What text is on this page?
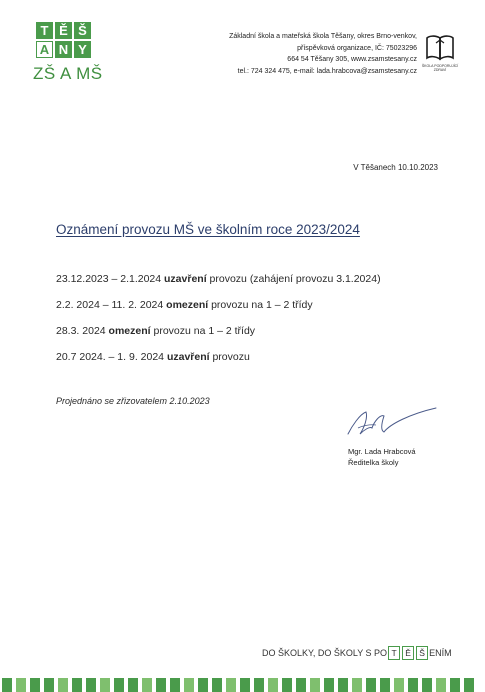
T Ě Š
A N Y
ZŠ A MŠ
Základní škola a mateřská škola Těšany, okres Brno-venkov,
příspěvková organizace, IČ: 75023296
664 54 Těšany 305, www.zsamstesany.cz
tel.: 724 324 475, e-mail: lada.hrabcova@zsamstesany.cz
ŠKOLA PODPORUJÍCÍ ZDRAVÍ
V Těšanech 10.10.2023
Oznámení provozu MŠ ve školním roce 2023/2024
23.12.2023 – 2.1.2024 uzavření provozu (zahájení provozu 3.1.2024)
2.2. 2024 – 11. 2. 2024 omezení provozu na 1 – 2 třídy
28.3. 2024 omezení provozu na 1 – 2 třídy
20.7 2024. – 1. 9. 2024 uzavření provozu
Projednáno se zřizovatelem 2.10.2023
Mgr. Lada Hrabcová
Ředitelka školy
DO ŠKOLKY, DO ŠKOLY S PO T	Ě Š ENÍM
